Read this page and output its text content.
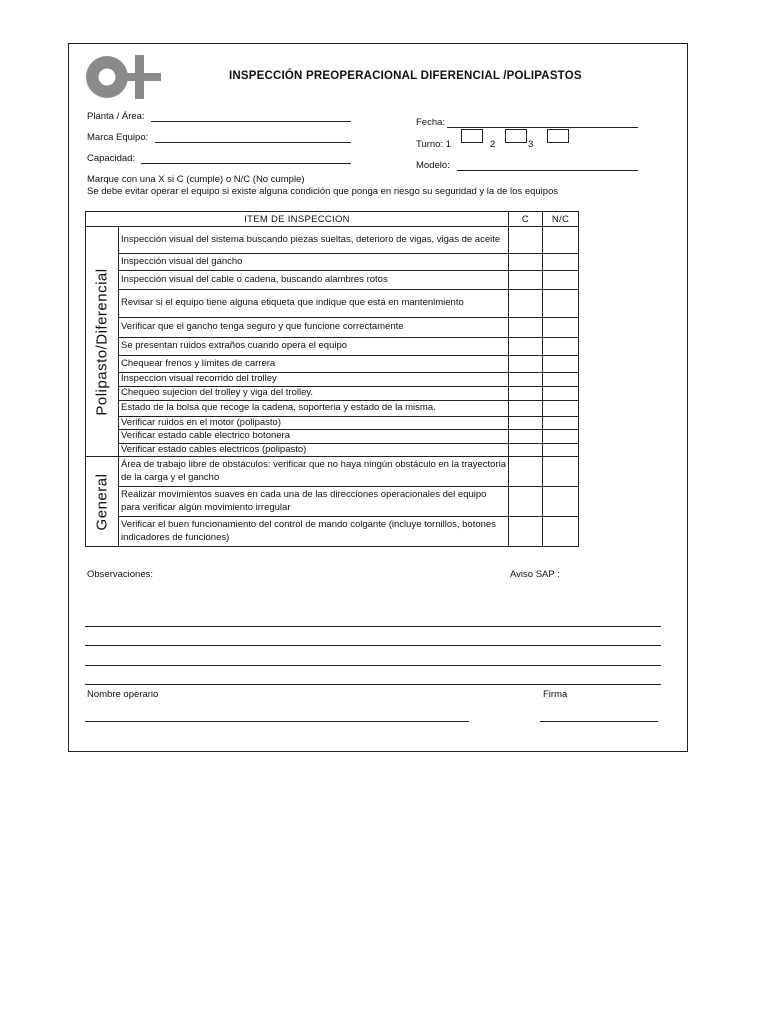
INSPECCIÓN PREOPERACIONAL DIFERENCIAL /POLIPASTOS
Planta / Área:
Marca Equipo:
Capacidad:
Fecha:
Turno: 1	2	3
Modelo:
Marque con una X si C (cumple) o N/C (No cumple)
Se debe evitar operar el equipo si existe alguna condición que ponga en riesgo su seguridad y la de los equipos
ITEM DE INSPECCION		C	N/C

Polipasto/Diferencial	Inspección visual del sistema buscando piezas sueltas, deterioro de vigas, vigas de aceite		
	Inspección visual del gancho		
	Inspección visual del cable o cadena, buscando alambres rotos		
	Revisar si el equipo tiene alguna etiqueta que indique que está en mantenimiento		
	Verificar que el gancho tenga seguro y que funcione correctamente		
	Se presentan ruidos extraños cuando opera el equipo		
	Chequear frenos y límites de carrera		
	Inspeccion visual recorrido del trolley		
	Chequeo sujecion del trolley y viga del trolley.		
	Estado de la bolsa que recoge la cadena, soporteria y estado de la misma.		
	Verificar ruidos en el motor (polipasto)		
	Verificar estado cable electrico botonera		
	Verificar estado cables electricos (polipasto)		

General	Área de trabajo libre de obstáculos: verificar que no haya ningún obstáculo en la trayectoria de la carga y el gancho		
	Realizar movimientos suaves en cada una de las direcciones operacionales del equipo para verificar algún movimiento irregular		
	Verificar el buen funcionamiento del control de mando colgante (incluye tornillos, botones indicadores de funciones)		
Observaciones:	Aviso SAP :
Nombre operario	Firma
